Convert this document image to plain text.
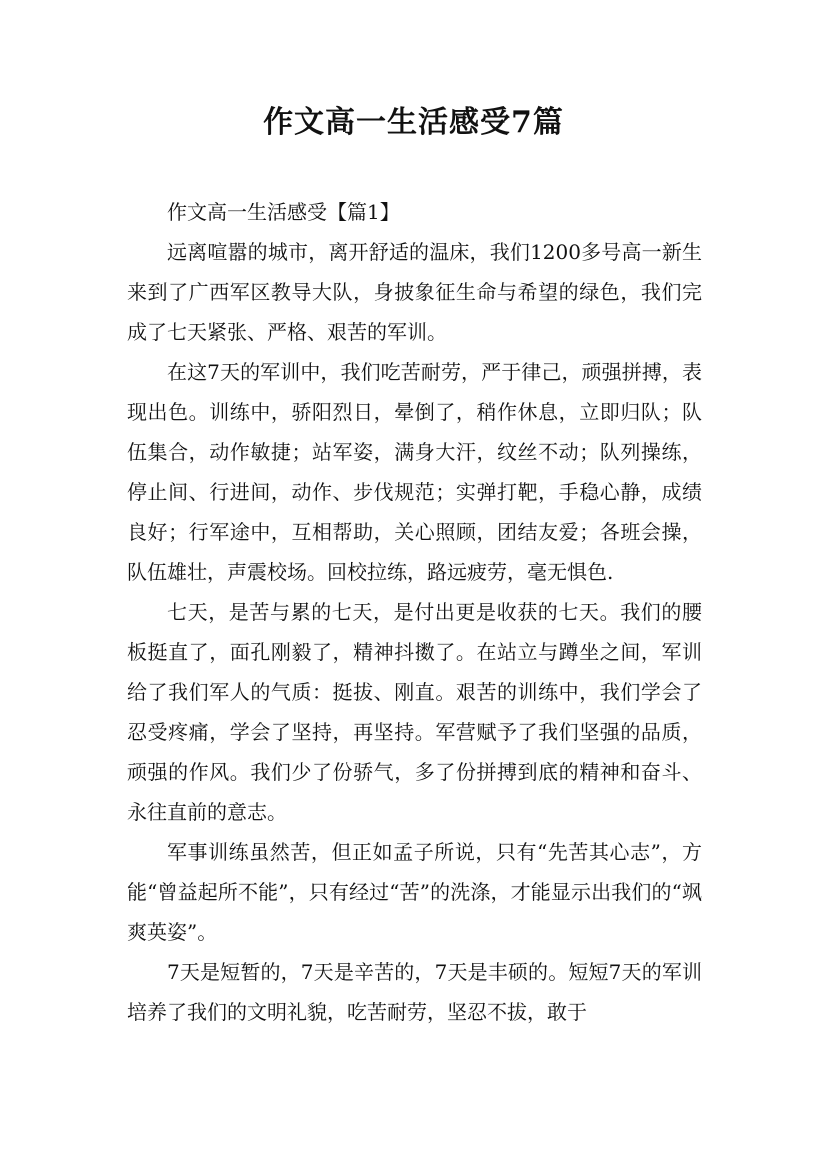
作文高一生活感受7篇

作文高一生活感受【篇1】

远离喧嚣的城市，离开舒适的温床，我们1200多号高一新生来到了广西军区教导大队，身披象征生命与希望的绿色，我们完成了七天紧张、严格、艰苦的军训。

在这7天的军训中，我们吃苦耐劳，严于律己，顽强拼搏，表现出色。训练中，骄阳烈日，晕倒了，稍作休息，立即归队；队伍集合，动作敏捷；站军姿，满身大汗，纹丝不动；队列操练，停止间、行进间，动作、步伐规范；实弹打靶，手稳心静，成绩良好；行军途中，互相帮助，关心照顾，团结友爱；各班会操，队伍雄壮，声震校场。回校拉练，路远疲劳，毫无惧色.

七天，是苦与累的七天，是付出更是收获的七天。我们的腰板挺直了，面孔刚毅了，精神抖擞了。在站立与蹲坐之间，军训给了我们军人的气质：挺拔、刚直。艰苦的训练中，我们学会了忍受疼痛，学会了坚持，再坚持。军营赋予了我们坚强的品质，顽强的作风。我们少了份骄气，多了份拼搏到底的精神和奋斗、永往直前的意志。

军事训练虽然苦，但正如孟子所说，只有“先苦其心志”，方能“曾益起所不能”，只有经过“苦”的洗涤，才能显示出我们的“飒爽英姿”。

7天是短暂的，7天是辛苦的，7天是丰硕的。短短7天的军训培养了我们的文明礼貌，吃苦耐劳，坚忍不拔，敢于
